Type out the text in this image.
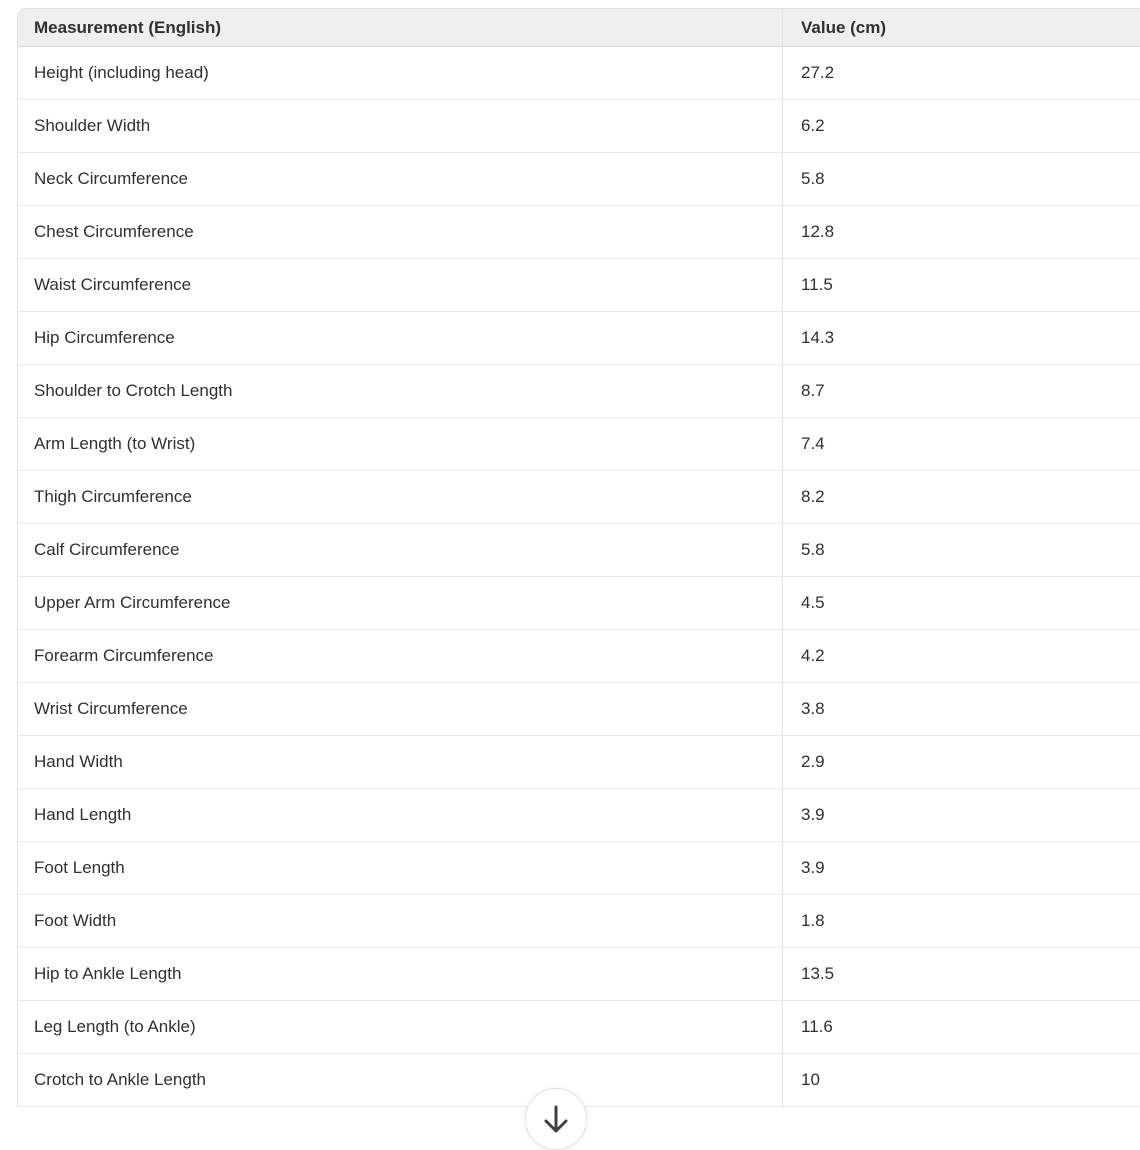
Measurement (English)	Value (cm)
Height (including head)	27.2
Shoulder Width	6.2
Neck Circumference	5.8
Chest Circumference	12.8
Waist Circumference	11.5
Hip Circumference	14.3
Shoulder to Crotch Length	8.7
Arm Length (to Wrist)	7.4
Thigh Circumference	8.2
Calf Circumference	5.8
Upper Arm Circumference	4.5
Forearm Circumference	4.2
Wrist Circumference	3.8
Hand Width	2.9
Hand Length	3.9
Foot Length	3.9
Foot Width	1.8
Hip to Ankle Length	13.5
Leg Length (to Ankle)	11.6
Crotch to Ankle Length	10
